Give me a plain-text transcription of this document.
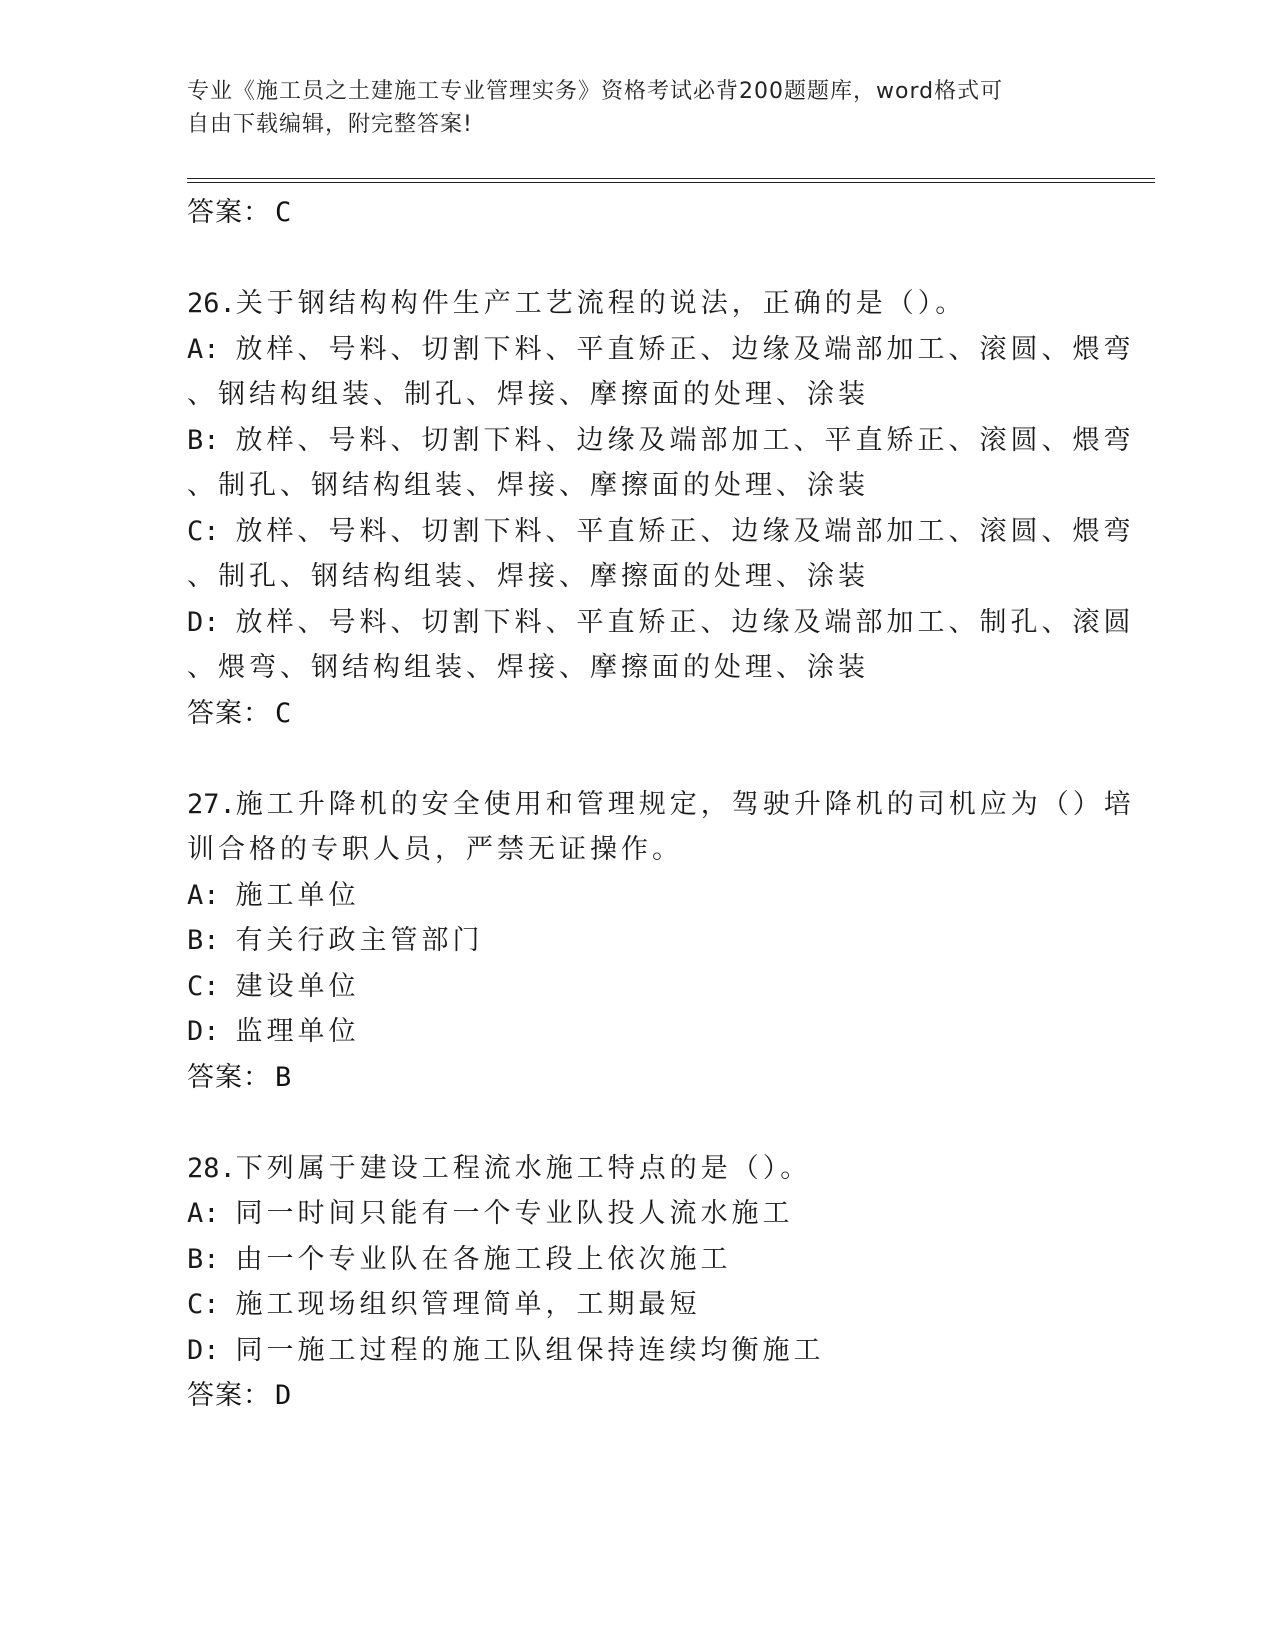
专业《施工员之土建施工专业管理实务》资格考试必背200题题库，word格式可
自由下载编辑，附完整答案!
答案： C
26.关于钢结构构件生产工艺流程的说法，正确的是（）。
A: 放样、号料、切割下料、平直矫正、边缘及端部加工、滚圆、煨弯
、钢结构组装、制孔、焊接、摩擦面的处理、涂装
B: 放样、号料、切割下料、边缘及端部加工、平直矫正、滚圆、煨弯
、制孔、钢结构组装、焊接、摩擦面的处理、涂装
C: 放样、号料、切割下料、平直矫正、边缘及端部加工、滚圆、煨弯
、制孔、钢结构组装、焊接、摩擦面的处理、涂装
D: 放样、号料、切割下料、平直矫正、边缘及端部加工、制孔、滚圆
、煨弯、钢结构组装、焊接、摩擦面的处理、涂装
答案： C
27.施工升降机的安全使用和管理规定，驾驶升降机的司机应为（）培
训合格的专职人员，严禁无证操作。
A: 施工单位
B: 有关行政主管部门
C: 建设单位
D: 监理单位
答案： B
28.下列属于建设工程流水施工特点的是（）。
A: 同一时间只能有一个专业队投人流水施工
B: 由一个专业队在各施工段上依次施工
C: 施工现场组织管理简单，工期最短
D: 同一施工过程的施工队组保持连续均衡施工
答案： D
